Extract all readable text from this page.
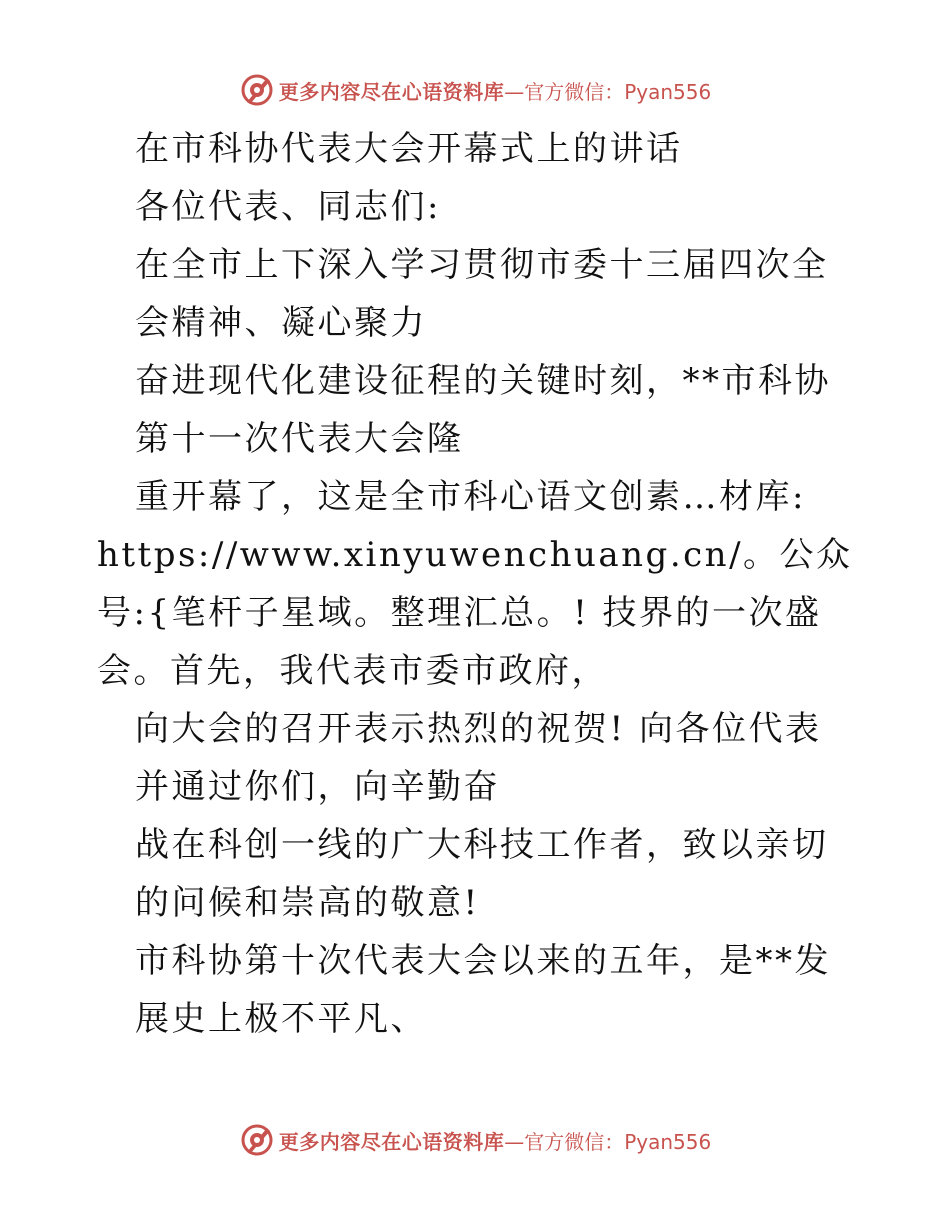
更多内容尽在心语资料库 —官方微信：Pyan556

在市科协代表大会开幕式上的讲话

各位代表、同志们:

在全市上下深入学习贯彻市委十三届四次全会精神、凝心聚力

奋进现代化建设征程的关键时刻，**市科协第十一次代表大会隆

重开幕了，这是全市科心语文创素…材库:

https://www.xinyuwenchuang.cn/。公众号:{笔杆子星域。整理汇总。! 技界的一次盛会。首先，我代表市委市政府，

向大会的召开表示热烈的祝贺! 向各位代表并通过你们，向辛勤奋

战在科创一线的广大科技工作者，致以亲切的问候和崇高的敬意!

市科协第十次代表大会以来的五年，是**发展史上极不平凡、

更多内容尽在心语资料库 —官方微信：Pyan556
